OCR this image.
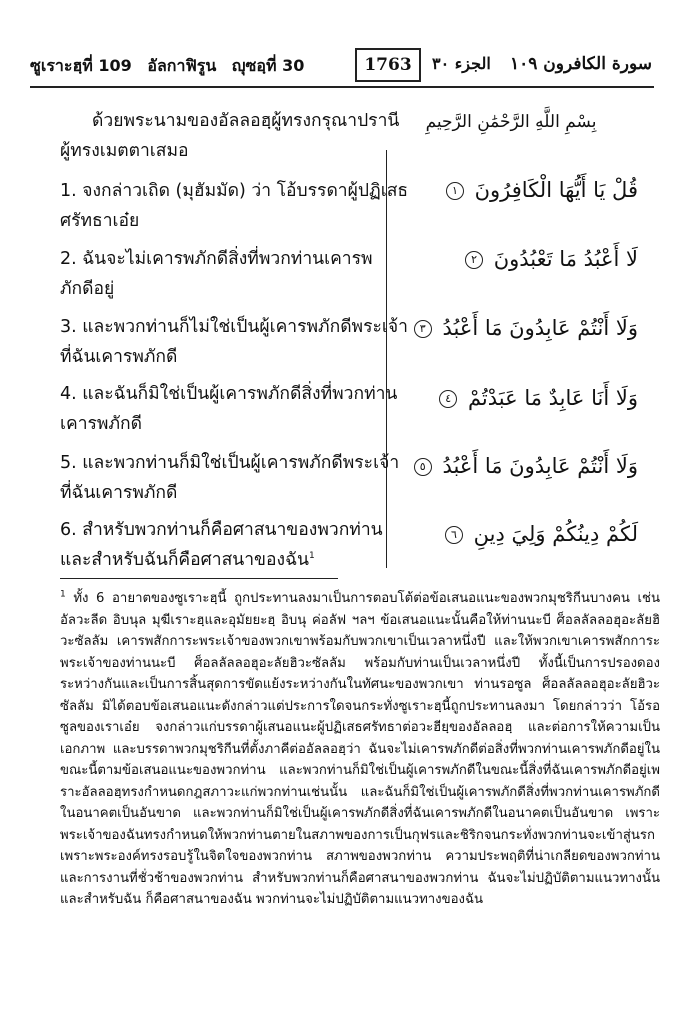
ซูเราะฮฺที่ 109 อัลกาฟิรูน ญุซอฺที่ 30	1763	الجزء ٣٠ سورة الكافرون ١٠٩
ด้วยพระนามของอัลลอฮฺผู้ทรงกรุณาปรานี
ผู้ทรงเมตตาเสมอ
بِسْمِ اللَّهِ الرَّحْمَٰنِ الرَّحِيمِ
1. จงกล่าวเถิด (มุฮัมมัด) ว่า โอ้บรรดาผู้ปฏิเสธ
ศรัทธาเอ๋ย
قُلْ يَا أَيُّهَا الْكَافِرُونَ ١
2. ฉันจะไม่เคารพภักดีสิ่งที่พวกท่านเคารพ
ภักดีอยู่
لَا أَعْبُدُ مَا تَعْبُدُونَ ٢
3. และพวกท่านก็ไม่ใช่เป็นผู้เคารพภักดีพระเจ้า
ที่ฉันเคารพภักดี
وَلَا أَنْتُمْ عَابِدُونَ مَا أَعْبُدُ ٣
4. และฉันก็มิใช่เป็นผู้เคารพภักดีสิ่งที่พวกท่าน
เคารพภักดี
وَلَا أَنَا عَابِدٌ مَا عَبَدْتُمْ ٤
5. และพวกท่านก็มิใช่เป็นผู้เคารพภักดีพระเจ้า
ที่ฉันเคารพภักดี
وَلَا أَنْتُمْ عَابِدُونَ مَا أَعْبُدُ ٥
6. สำหรับพวกท่านก็คือศาสนาของพวกท่าน
และสำหรับฉันก็คือศาสนาของฉัน$^1$
لَكُمْ دِينُكُمْ وَلِيَ دِينِ ٦
$^1$ ทั้ง 6 อายาตของซูเราะฮฺนี้ ถูกประทานลงมาเป็นการตอบโต้ต่อข้อเสนอแนะของพวกมุชริกีนบางคน เช่น อัลวะลีด อิบนุล มุฆีเราะฮฺและอุมัยยะฮฺ อิบนุ ค่อลัฟ ฯลฯ ข้อเสนอแนะนั้นคือให้ท่านนะบี ศ็อลลัลลอฮุอะลัยฮิวะซัลลัม เคารพสักการะพระเจ้าของพวกเขาพร้อมกับพวกเขาเป็นเวลาหนึ่งปี และให้พวกเขาเคารพสักการะพระเจ้าของท่านนะบี ศ็อลลัลลอฮุอะลัยฮิวะซัลลัม พร้อมกับท่านเป็นเวลาหนึ่งปี ทั้งนี้เป็นการปรองดองระหว่างกันและเป็นการสิ้นสุดการขัดแย้งระหว่างกันในทัศนะของพวกเขา ท่านรอซูล ศ็อลลัลลอฮุอะลัยฮิวะซัลลัม มิได้ตอบข้อเสนอแนะดังกล่าวแต่ประการใดจนกระทั่งซูเราะฮฺนี้ถูกประทานลงมา โดยกล่าวว่า โอ้รอซูลของเราเอ๋ย จงกล่าวแก่บรรดาผู้เสนอแนะผู้ปฏิเสธศรัทธาต่อวะฮียฺของอัลลอฮฺ และต่อการให้ความเป็นเอกภาพ และบรรดาพวกมุชริกีนที่ตั้งภาคีต่ออัลลอฮฺว่า ฉันจะไม่เคารพภักดีต่อสิ่งที่พวกท่านเคารพภักดีอยู่ในขณะนี้ตามข้อเสนอแนะของพวกท่าน และพวกท่านก็มิใช่เป็นผู้เคารพภักดีในขณะนี้สิ่งที่ฉันเคารพภักดีอยู่เพราะอัลลอฮฺทรงกำหนดกฎสภาวะแก่พวกท่านเช่นนั้น และฉันก็มิใช่เป็นผู้เคารพภักดีสิ่งที่พวกท่านเคารพภักดีในอนาคตเป็นอันขาด และพวกท่านก็มิใช่เป็นผู้เคารพภักดีสิ่งที่ฉันเคารพภักดีในอนาคตเป็นอันขาด เพราะพระเจ้าของฉันทรงกำหนดให้พวกท่านตายในสภาพของการเป็นกุฟรและชิริกจนกระทั่งพวกท่านจะเข้าสู่นรก เพราะพระองค์ทรงรอบรู้ในจิตใจของพวกท่าน สภาพของพวกท่าน ความประพฤติที่น่าเกลียดของพวกท่าน และการงานที่ชั่วช้าของพวกท่าน สำหรับพวกท่านก็คือศาสนาของพวกท่าน ฉันจะไม่ปฏิบัติตามแนวทางนั้น และสำหรับฉัน ก็คือศาสนาของฉัน พวกท่านจะไม่ปฏิบัติตามแนวทางของฉัน
